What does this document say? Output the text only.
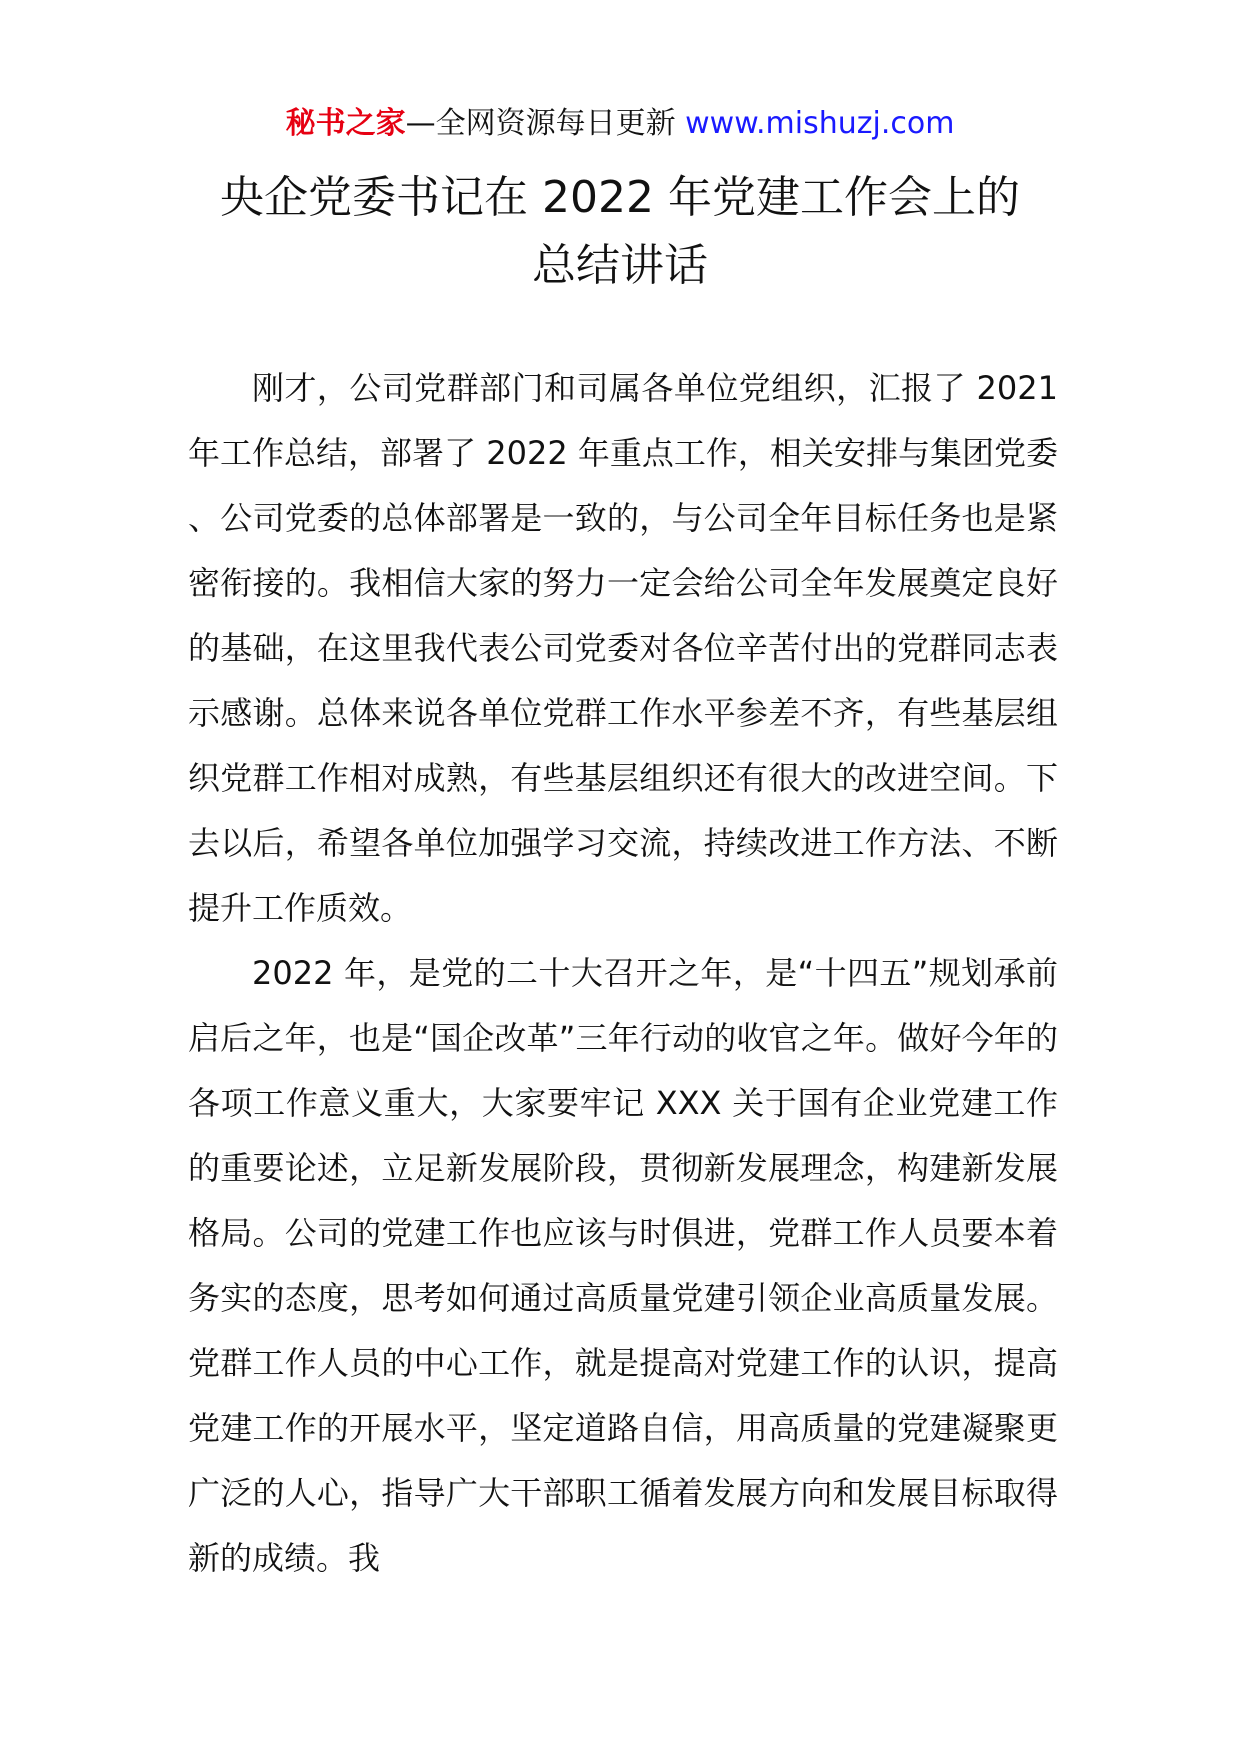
秘书之家—全网资源每日更新 www.mishuzj.com
央企党委书记在 2022 年党建工作会上的
总结讲话

刚才，公司党群部门和司属各单位党组织，汇报了 2021 年工作总结，部署了 2022 年重点工作，相关安排与集团党委、公司党委的总体部署是一致的，与公司全年目标任务也是紧密衔接的。我相信大家的努力一定会给公司全年发展奠定良好的基础，在这里我代表公司党委对各位辛苦付出的党群同志表示感谢。总体来说各单位党群工作水平参差不齐，有些基层组织党群工作相对成熟，有些基层组织还有很大的改进空间。下去以后，希望各单位加强学习交流，持续改进工作方法、不断提升工作质效。

2022 年，是党的二十大召开之年，是“十四五”规划承前启后之年，也是“国企改革”三年行动的收官之年。做好今年的各项工作意义重大，大家要牢记 XXX 关于国有企业党建工作的重要论述，立足新发展阶段，贯彻新发展理念，构建新发展格局。公司的党建工作也应该与时俱进，党群工作人员要本着务实的态度，思考如何通过高质量党建引领企业高质量发展。党群工作人员的中心工作，就是提高对党建工作的认识，提高党建工作的开展水平，坚定道路自信，用高质量的党建凝聚更广泛的人心，指导广大干部职工循着发展方向和发展目标取得新的成绩。我
